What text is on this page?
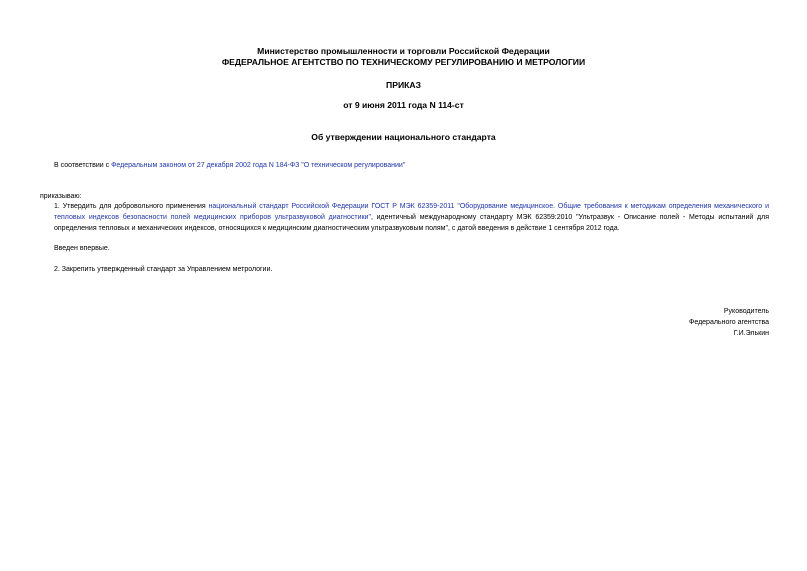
Министерство промышленности и торговли Российской Федерации
ФЕДЕРАЛЬНОЕ АГЕНТСТВО ПО ТЕХНИЧЕСКОМУ РЕГУЛИРОВАНИЮ И МЕТРОЛОГИИ
ПРИКАЗ
от 9 июня 2011 года N 114-ст
Об утверждении национального стандарта
В соответствии с Федеральным законом от 27 декабря 2002 года N 184-ФЗ "О техническом регулировании"
приказываю:
1. Утвердить для добровольного применения национальный стандарт Российской Федерации ГОСТ Р МЭК 62359-2011 "Оборудование медицинское. Общие требования к методикам определения механического и тепловых индексов безопасности полей медицинских приборов ультразвуковой диагностики", идентичный международному стандарту МЭК 62359:2010 "Ультразвук - Описание полей - Методы испытаний для определения тепловых и механических индексов, относящихся к медицинским диагностическим ультразвуковым полям", с датой введения в действие 1 сентября 2012 года.
Введен впервые.
2. Закрепить утвержденный стандарт за Управлением метрологии.
Руководитель
Федерального агентства
Г.И.Элькин
